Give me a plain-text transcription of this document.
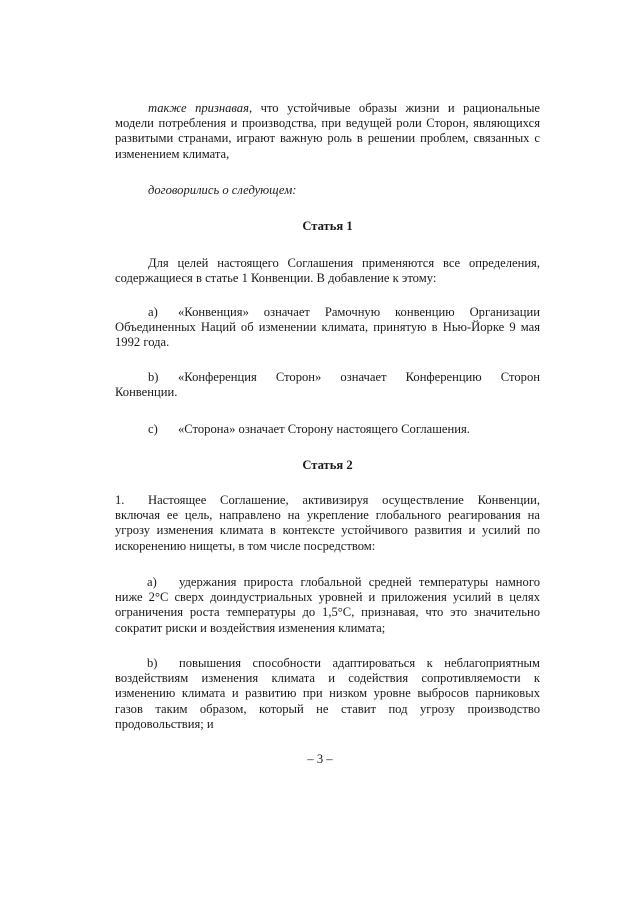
также признавая, что устойчивые образы жизни и рациональные модели потребления и производства, при ведущей роли Сторон, являющихся развитыми странами, играют важную роль в решении проблем, связанных с изменением климата,
договорились о следующем:
Статья 1
Для целей настоящего Соглашения применяются все определения, содержащиеся в статье 1 Конвенции. В добавление к этому:
a) «Конвенция» означает Рамочную конвенцию Организации Объединенных Наций об изменении климата, принятую в Нью-Йорке 9 мая 1992 года.
b) «Конференция Сторон» означает Конференцию Сторон Конвенции.
c) «Сторона» означает Сторону настоящего Соглашения.
Статья 2
1. Настоящее Соглашение, активизируя осуществление Конвенции, включая ее цель, направлено на укрепление глобального реагирования на угрозу изменения климата в контексте устойчивого развития и усилий по искоренению нищеты, в том числе посредством:
a) удержания прироста глобальной средней температуры намного ниже 2°C сверх доиндустриальных уровней и приложения усилий в целях ограничения роста температуры до 1,5°C, признавая, что это значительно сократит риски и воздействия изменения климата;
b) повышения способности адаптироваться к неблагоприятным воздействиям изменения климата и содействия сопротивляемости к изменению климата и развитию при низком уровне выбросов парниковых газов таким образом, который не ставит под угрозу производство продовольствия; и
– 3 –
